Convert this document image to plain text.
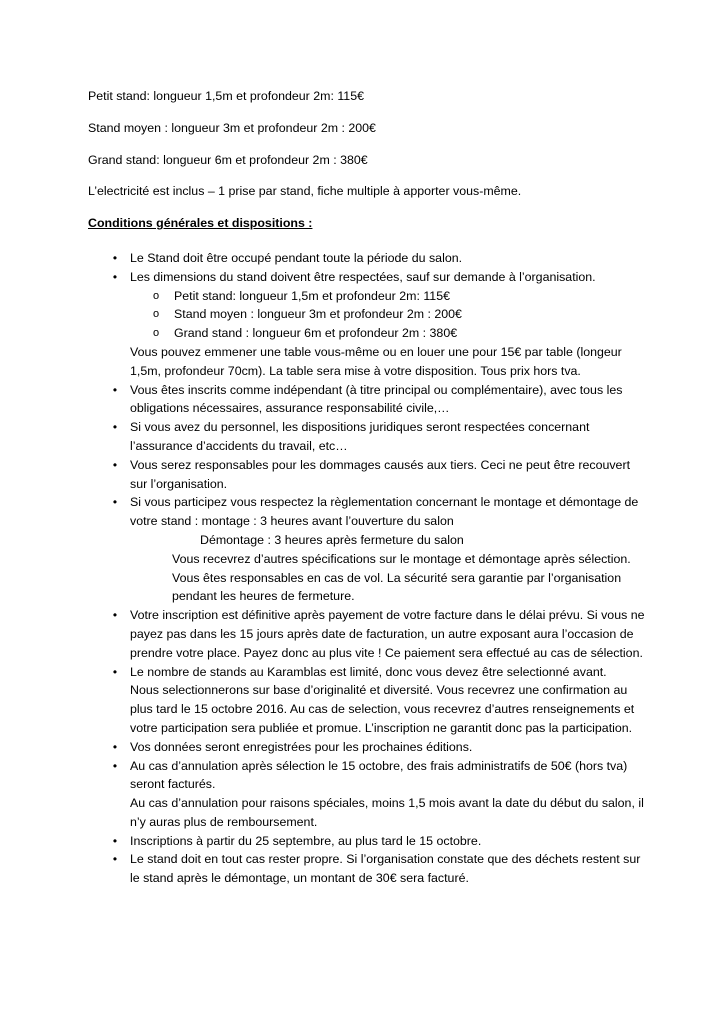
Petit stand: longueur 1,5m et profondeur 2m: 115€

Stand moyen : longueur 3m et profondeur 2m : 200€

Grand stand: longueur 6m et profondeur 2m : 380€

L’electricité est inclus – 1 prise par stand, fiche multiple à apporter vous-même.

Conditions générales et dispositions :

• Le Stand doit être occupé pendant toute la période du salon.
• Les dimensions du stand doivent être respectées, sauf sur demande à l’organisation.
o Petit stand: longueur 1,5m et profondeur 2m: 115€
o Stand moyen : longueur 3m et profondeur 2m : 200€
o Grand stand : longueur 6m et profondeur 2m : 380€
Vous pouvez emmener une table vous-même ou en louer une pour 15€ par table (longeur 1,5m, profondeur 70cm). La table sera mise à votre disposition. Tous prix hors tva.
• Vous êtes inscrits comme indépendant (à titre principal ou complémentaire), avec tous les obligations nécessaires, assurance responsabilité civile,…
• Si vous avez du personnel, les dispositions juridiques seront respectées concernant l’assurance d’accidents du travail, etc…
• Vous serez responsables pour les dommages causés aux tiers. Ceci ne peut être recouvert sur l’organisation.
• Si vous participez vous respectez la règlementation concernant le montage et démontage de votre stand : montage : 3 heures avant l’ouverture du salon
Démontage : 3 heures après fermeture du salon
Vous recevrez d’autres spécifications sur le montage et démontage après sélection.
Vous êtes responsables en cas de vol. La sécurité sera garantie par l’organisation pendant les heures de fermeture.
• Votre inscription est définitive après payement de votre facture dans le délai prévu. Si vous ne payez pas dans les 15 jours après date de facturation, un autre exposant aura l’occasion de prendre votre place. Payez donc au plus vite ! Ce paiement sera effectué au cas de sélection.
• Le nombre de stands au Karamblas est limité, donc vous devez être selectionné avant.
Nous selectionnerons sur base d’originalité et diversité. Vous recevrez une confirmation au plus tard le 15 octobre 2016. Au cas de selection, vous recevrez d’autres renseignements et votre participation sera publiée et promue. L’inscription ne garantit donc pas la participation.
• Vos données seront enregistrées pour les prochaines éditions.
• Au cas d’annulation après sélection le 15 octobre, des frais administratifs de 50€ (hors tva) seront facturés.
Au cas d’annulation pour raisons spéciales, moins 1,5 mois avant la date du début du salon, il n’y auras plus de remboursement.
• Inscriptions à partir du 25 septembre, au plus tard le 15 octobre.
• Le stand doit en tout cas rester propre. Si l’organisation constate que des déchets restent sur le stand après le démontage, un montant de 30€ sera facturé.
